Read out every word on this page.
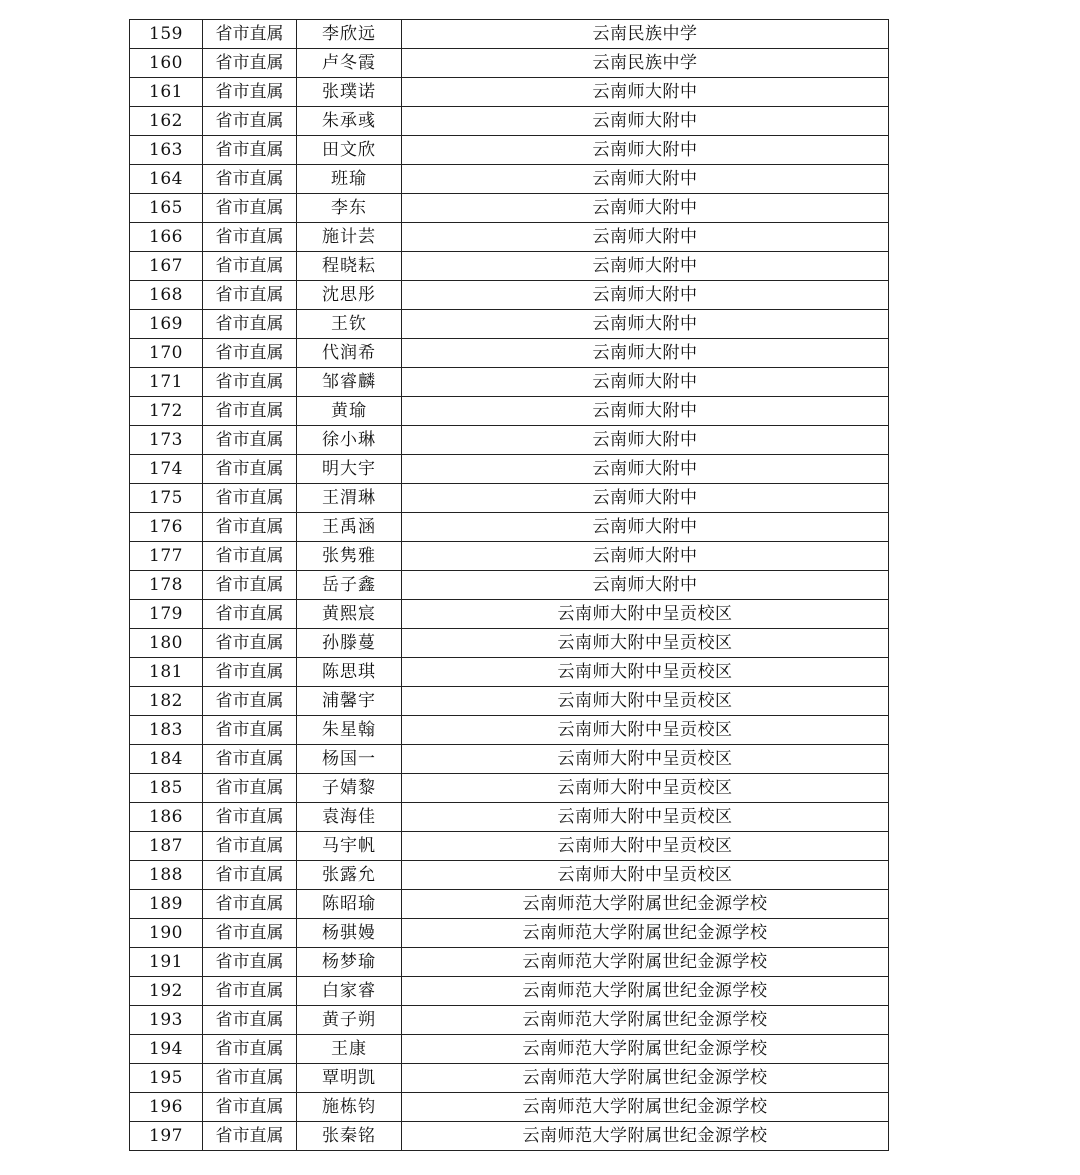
159	省市直属	李欣远	云南民族中学
160	省市直属	卢冬霞	云南民族中学
161	省市直属	张璞诺	云南师大附中
162	省市直属	朱承彧	云南师大附中
163	省市直属	田文欣	云南师大附中
164	省市直属	班瑜	云南师大附中
165	省市直属	李东	云南师大附中
166	省市直属	施计芸	云南师大附中
167	省市直属	程晓耘	云南师大附中
168	省市直属	沈思彤	云南师大附中
169	省市直属	王钦	云南师大附中
170	省市直属	代润希	云南师大附中
171	省市直属	邹睿麟	云南师大附中
172	省市直属	黄瑜	云南师大附中
173	省市直属	徐小琳	云南师大附中
174	省市直属	明大宇	云南师大附中
175	省市直属	王渭琳	云南师大附中
176	省市直属	王禹涵	云南师大附中
177	省市直属	张隽雅	云南师大附中
178	省市直属	岳子鑫	云南师大附中
179	省市直属	黄熙宸	云南师大附中呈贡校区
180	省市直属	孙滕蔓	云南师大附中呈贡校区
181	省市直属	陈思琪	云南师大附中呈贡校区
182	省市直属	浦馨宇	云南师大附中呈贡校区
183	省市直属	朱星翰	云南师大附中呈贡校区
184	省市直属	杨国一	云南师大附中呈贡校区
185	省市直属	子婧黎	云南师大附中呈贡校区
186	省市直属	袁海佳	云南师大附中呈贡校区
187	省市直属	马宇帆	云南师大附中呈贡校区
188	省市直属	张露允	云南师大附中呈贡校区
189	省市直属	陈昭瑜	云南师范大学附属世纪金源学校
190	省市直属	杨骐嫚	云南师范大学附属世纪金源学校
191	省市直属	杨梦瑜	云南师范大学附属世纪金源学校
192	省市直属	白家睿	云南师范大学附属世纪金源学校
193	省市直属	黄子朔	云南师范大学附属世纪金源学校
194	省市直属	王康	云南师范大学附属世纪金源学校
195	省市直属	覃明凯	云南师范大学附属世纪金源学校
196	省市直属	施栋钧	云南师范大学附属世纪金源学校
197	省市直属	张秦铭	云南师范大学附属世纪金源学校
